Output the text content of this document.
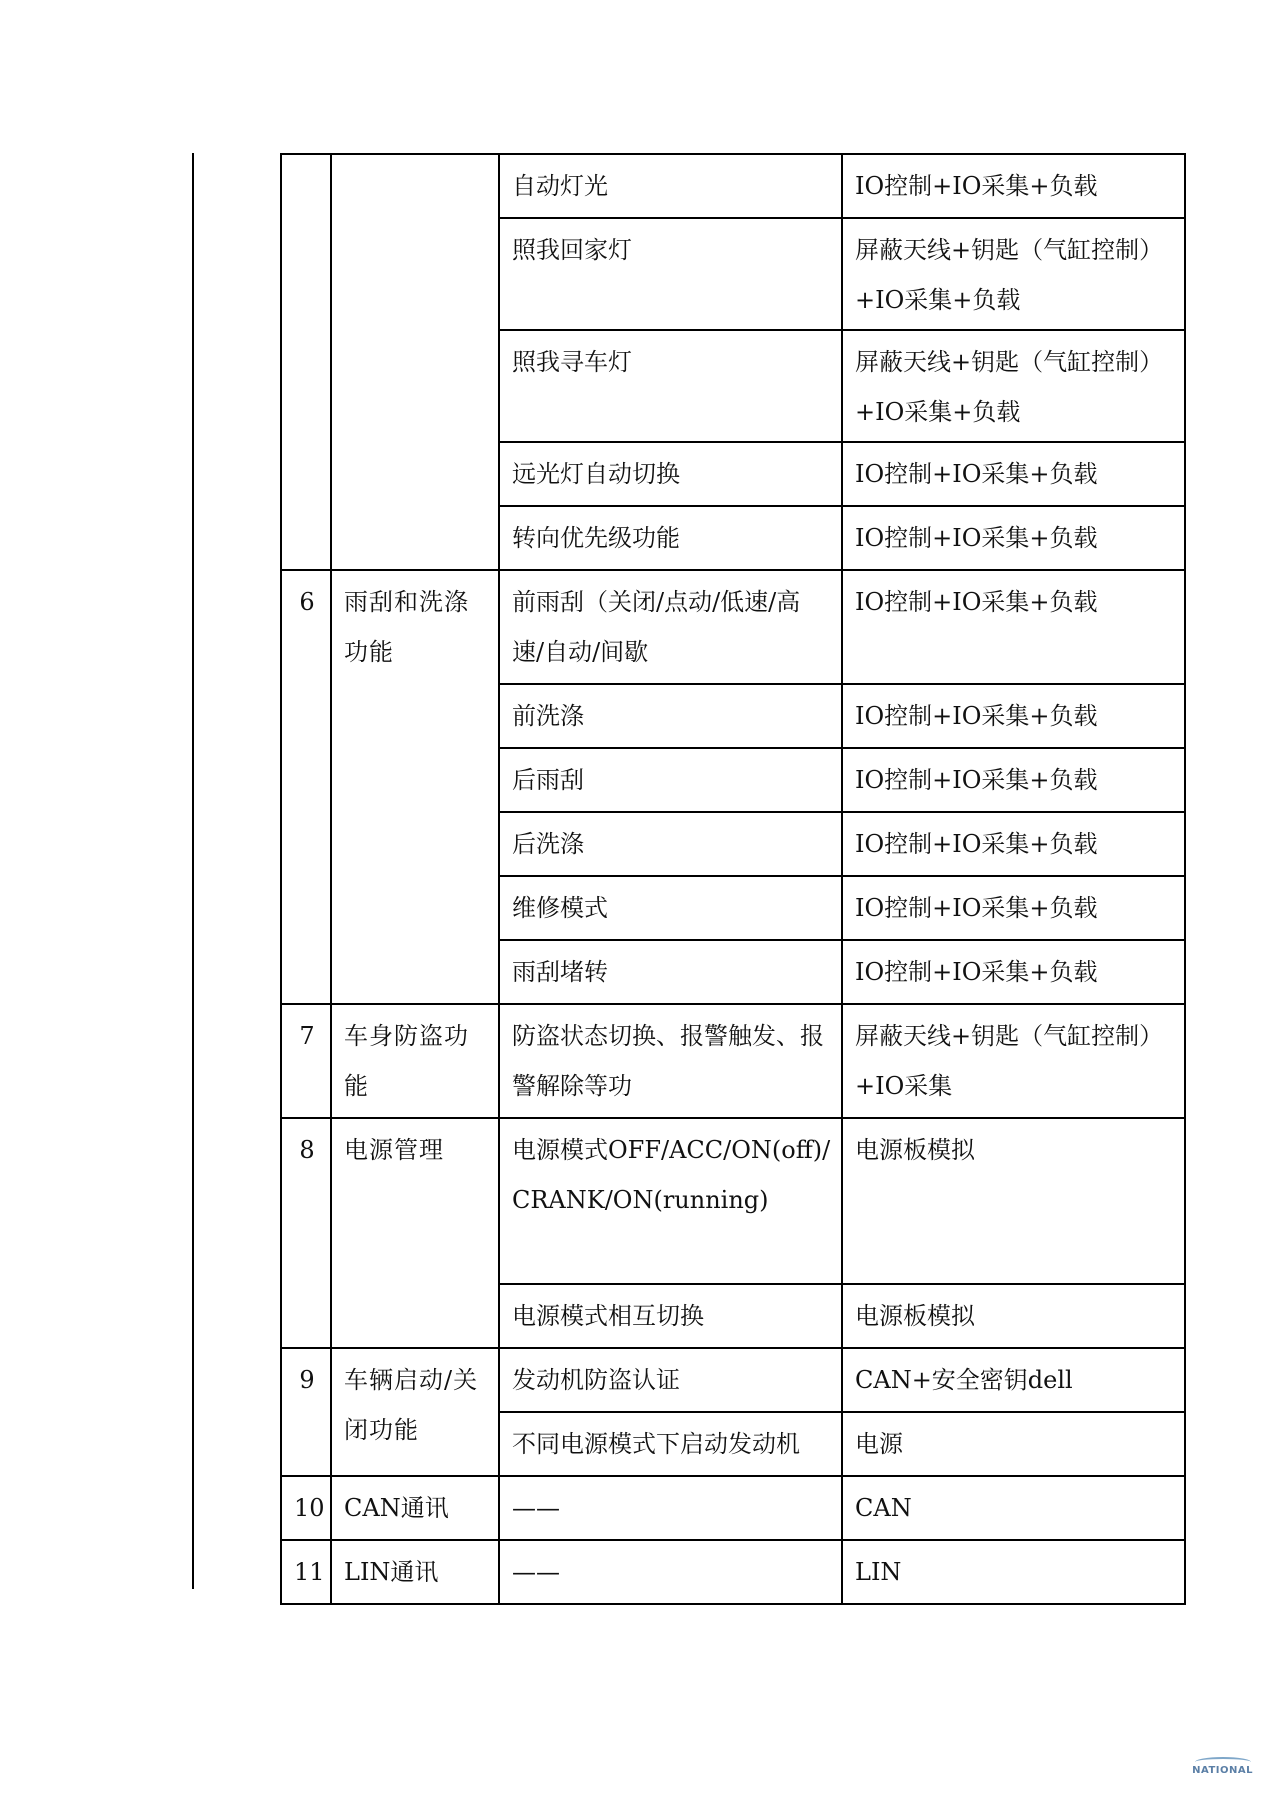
		自动灯光	IO控制+IO采集+负载
		照我回家灯	屏蔽天线+钥匙（气缸控制）+IO采集+负载
		照我寻车灯	屏蔽天线+钥匙（气缸控制）+IO采集+负载
		远光灯自动切换	IO控制+IO采集+负载
		转向优先级功能	IO控制+IO采集+负载
6	雨刮和洗涤功能	前雨刮（关闭/点动/低速/高速/自动/间歇	IO控制+IO采集+负载
		前洗涤	IO控制+IO采集+负载
		后雨刮	IO控制+IO采集+负载
		后洗涤	IO控制+IO采集+负载
		维修模式	IO控制+IO采集+负载
		雨刮堵转	IO控制+IO采集+负载
7	车身防盗功能	防盗状态切换、报警触发、报警解除等功	屏蔽天线+钥匙（气缸控制）+IO采集
8	电源管理	电源模式OFF/ACC/ON(off)/CRANK/ON(running)	电源板模拟
		电源模式相互切换	电源板模拟
9	车辆启动/关闭功能	发动机防盗认证	CAN+安全密钥dell
		不同电源模式下启动发动机	电源
10	CAN通讯	——	CAN
11	LIN通讯	——	LIN
NATIONAL
